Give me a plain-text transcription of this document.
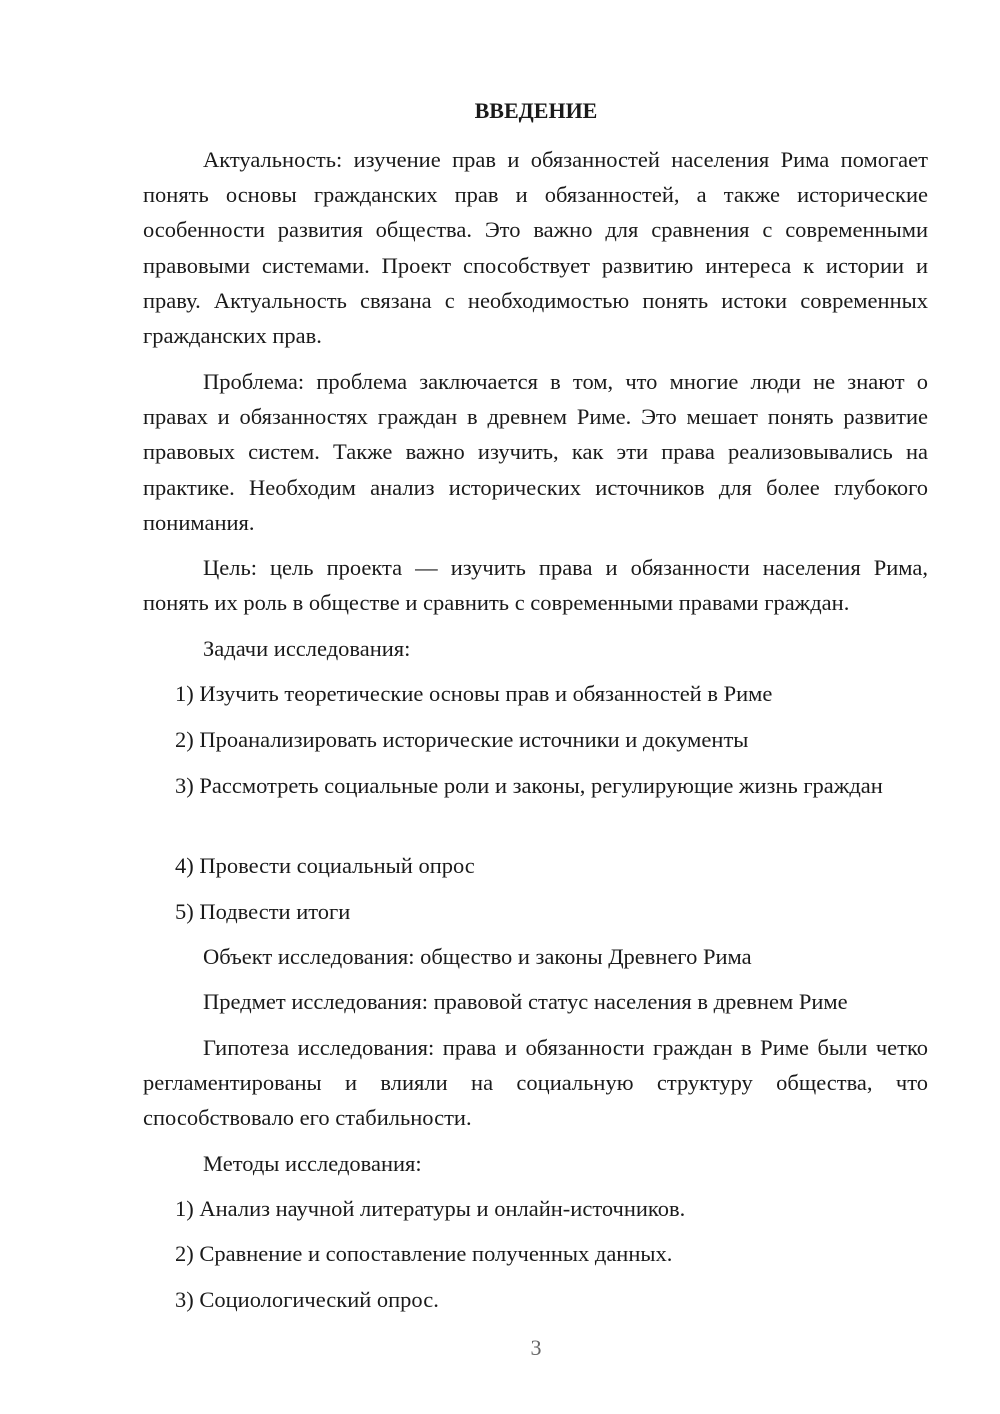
ВВЕДЕНИЕ

Актуальность: изучение прав и обязанностей населения Рима помогает понять основы гражданских прав и обязанностей, а также исторические особенности развития общества. Это важно для сравнения с современными правовыми системами. Проект способствует развитию интереса к истории и праву. Актуальность связана с необходимостью понять истоки современных гражданских прав.

Проблема: проблема заключается в том, что многие люди не знают о правах и обязанностях граждан в древнем Риме. Это мешает понять развитие правовых систем. Также важно изучить, как эти права реализовывались на практике. Необходим анализ исторических источников для более глубокого понимания.

Цель: цель проекта — изучить права и обязанности населения Рима, понять их роль в обществе и сравнить с современными правами граждан.

Задачи исследования:

1) Изучить теоретические основы прав и обязанностей в Риме

2) Проанализировать исторические источники и документы

3) Рассмотреть социальные роли и законы, регулирующие жизнь граждан

4) Провести социальный опрос

5) Подвести итоги

Объект исследования: общество и законы Древнего Рима

Предмет исследования: правовой статус населения в древнем Риме

Гипотеза исследования: права и обязанности граждан в Риме были четко регламентированы и влияли на социальную структуру общества, что способствовало его стабильности.

Методы исследования:

1) Анализ научной литературы и онлайн-источников.

2) Сравнение и сопоставление полученных данных.

3) Социологический опрос.

3
